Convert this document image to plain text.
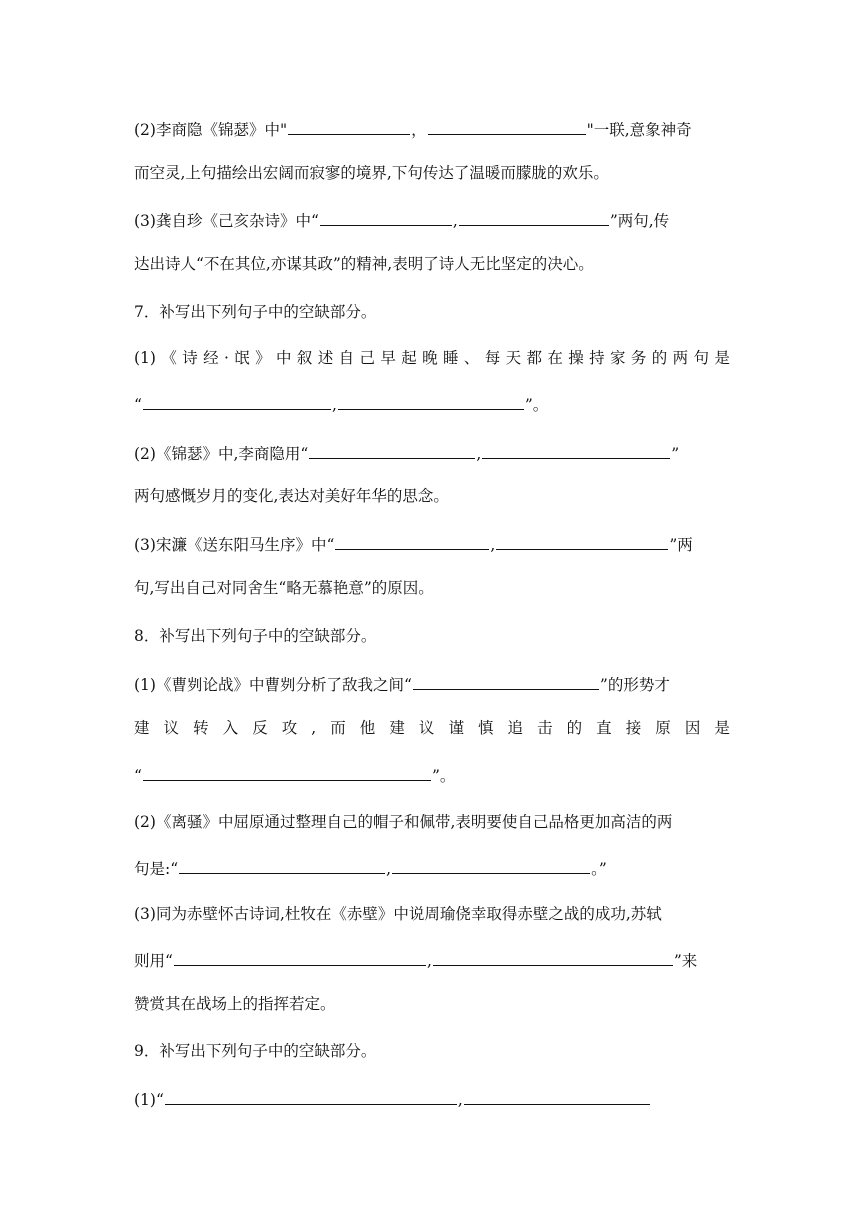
(2)李商隐《锦瑟》中"	，	"一联,意象神奇
而空灵,上句描绘出宏阔而寂寥的境界,下句传达了温暖而朦胧的欢乐。
(3)龚自珍《己亥杂诗》中“	,	”两句,传
达出诗人“不在其位,亦谋其政”的精神,表明了诗人无比坚定的决心。
7．补写出下列句子中的空缺部分。
(1) 《 诗 经 · 氓 》 中 叙 述 自 己 早 起 晚 睡 、 每 天 都 在 操 持 家 务 的 两 句 是
“	,	”。
(2)《锦瑟》中,李商隐用“	,	”
两句感慨岁月的变化,表达对美好年华的思念。
(3)宋濂《送东阳马生序》中“	,	”两
句,写出自己对同舍生“略无慕艳意”的原因。
8．补写出下列句子中的空缺部分。
(1)《曹刿论战》中曹刿分析了敌我之间“	”的形势才
建 议 转 入 反 攻 , 而 他 建 议 谨 慎 追 击 的 直 接 原 因 是
“	”。
(2)《离骚》中屈原通过整理自己的帽子和佩带,表明要使自己品格更加高洁的两
句是:“	,	。”
(3)同为赤壁怀古诗词,杜牧在《赤壁》中说周瑜侥幸取得赤壁之战的成功,苏轼
则用“	,	”来
赞赏其在战场上的指挥若定。
9．补写出下列句子中的空缺部分。
(1)“	,
